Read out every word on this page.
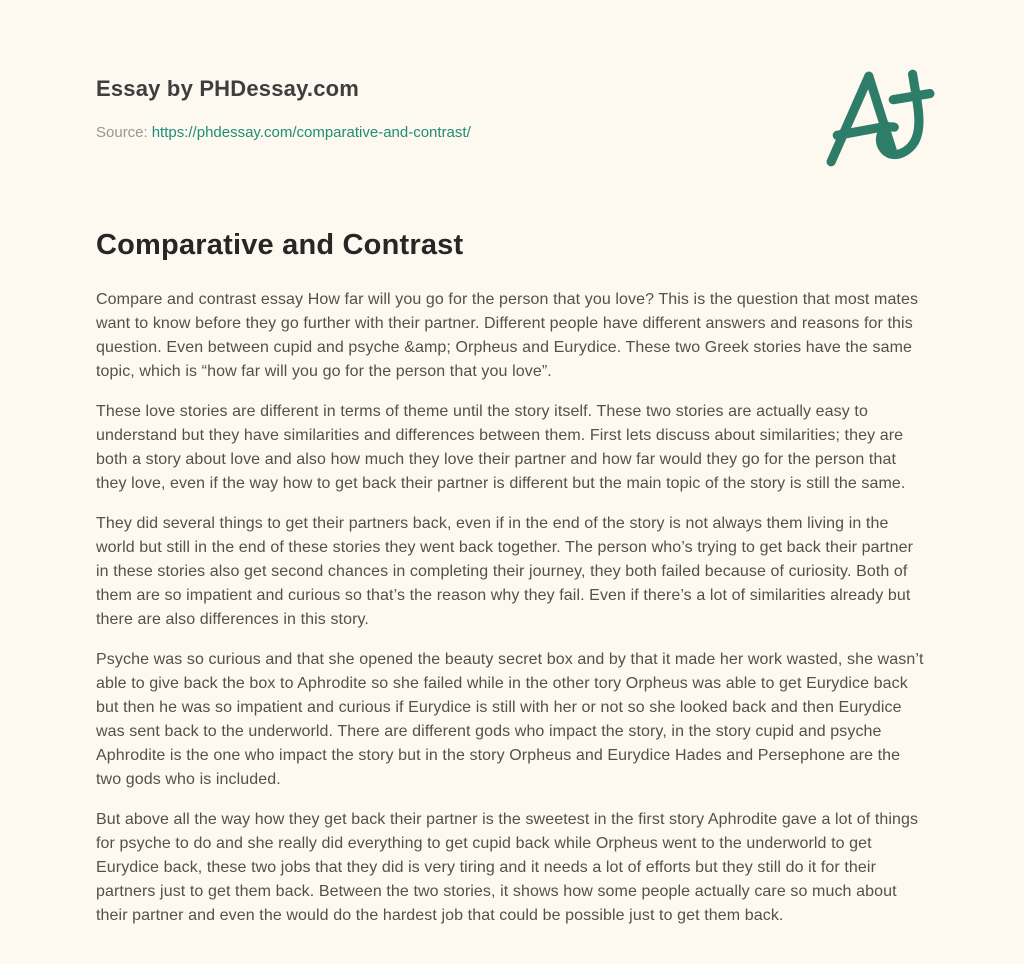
Essay by PHDessay.com
Source: https://phdessay.com/comparative-and-contrast/
Comparative and Contrast

Compare and contrast essay How far will you go for the person that you love? This is the question that most mates want to know before they go further with their partner. Different people have different answers and reasons for this question. Even between cupid and psyche &amp; Orpheus and Eurydice. These two Greek stories have the same topic, which is “how far will you go for the person that you love”.

These love stories are different in terms of theme until the story itself. These two stories are actually easy to understand but they have similarities and differences between them. First lets discuss about similarities; they are both a story about love and also how much they love their partner and how far would they go for the person that they love, even if the way how to get back their partner is different but the main topic of the story is still the same.

They did several things to get their partners back, even if in the end of the story is not always them living in the world but still in the end of these stories they went back together. The person who’s trying to get back their partner in these stories also get second chances in completing their journey, they both failed because of curiosity. Both of them are so impatient and curious so that’s the reason why they fail. Even if there’s a lot of similarities already but there are also differences in this story.

Psyche was so curious and that she opened the beauty secret box and by that it made her work wasted, she wasn’t able to give back the box to Aphrodite so she failed while in the other tory Orpheus was able to get Eurydice back but then he was so impatient and curious if Eurydice is still with her or not so she looked back and then Eurydice was sent back to the underworld. There are different gods who impact the story, in the story cupid and psyche Aphrodite is the one who impact the story but in the story Orpheus and Eurydice Hades and Persephone are the two gods who is included.

But above all the way how they get back their partner is the sweetest in the first story Aphrodite gave a lot of things for psyche to do and she really did everything to get cupid back while Orpheus went to the underworld to get Eurydice back, these two jobs that they did is very tiring and it needs a lot of efforts but they still do it for their partners just to get them back. Between the two stories, it shows how some people actually care so much about their partner and even the would do the hardest job that could be possible just to get them back.
